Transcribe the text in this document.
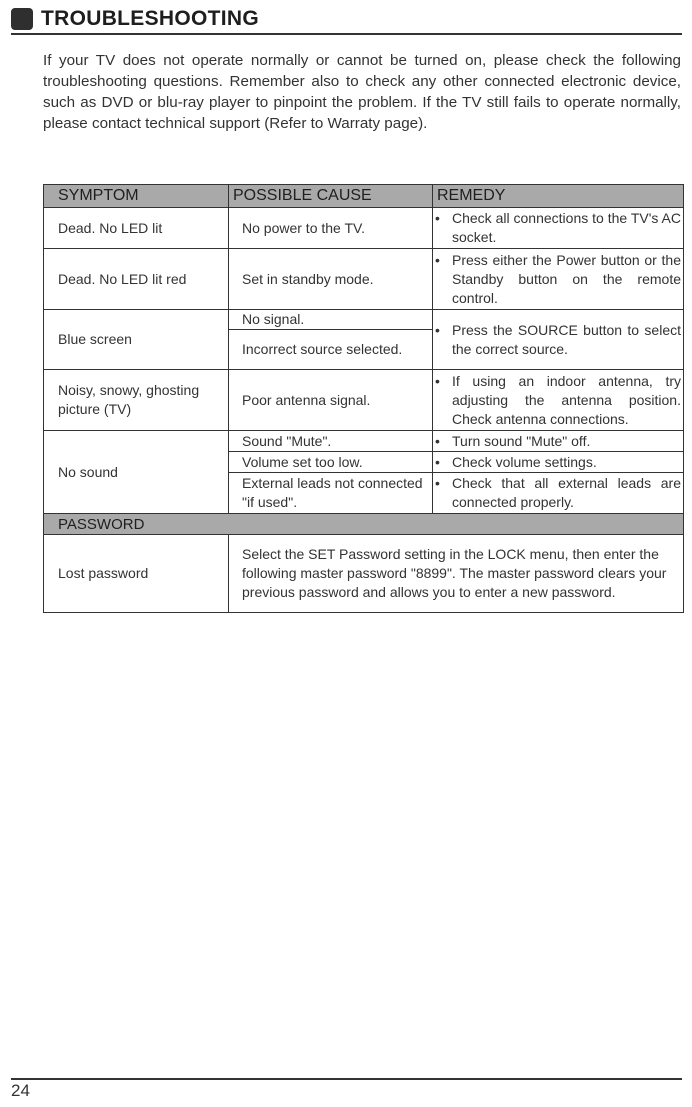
TROUBLESHOOTING

If your TV does not operate normally or cannot be turned on, please check the following troubleshooting questions. Remember also to check any other connected electronic device, such as DVD or blu-ray player to pinpoint the problem. If the TV still fails to operate normally, please contact technical support (Refer to Warraty page).

SYMPTOM	POSSIBLE CAUSE	REMEDY
Dead. No LED lit	No power to the TV.	• Check all connections to the TV's AC socket.

Dead. No LED lit red	Set in standby mode.	• Press either the Power button or the Standby button on the remote control.

Blue screen	No signal.	• Press the SOURCE button to select the correct source.

	Incorrect source selected.	
Noisy, snowy, ghosting picture (TV)	Poor antenna signal.	• If using an indoor antenna, try adjusting the antenna position. Check antenna connections.

No sound	Sound "Mute".	• Turn sound "Mute" off.

	Volume set too low.	• Check volume settings.

	External leads not connected "if used".	• Check that all external leads are connected properly.

PASSWORD		
Lost password	Select the SET Password setting in the LOCK menu, then enter the following master password "8899". The master password clears your previous password and allows you to enter a new password.	
24
